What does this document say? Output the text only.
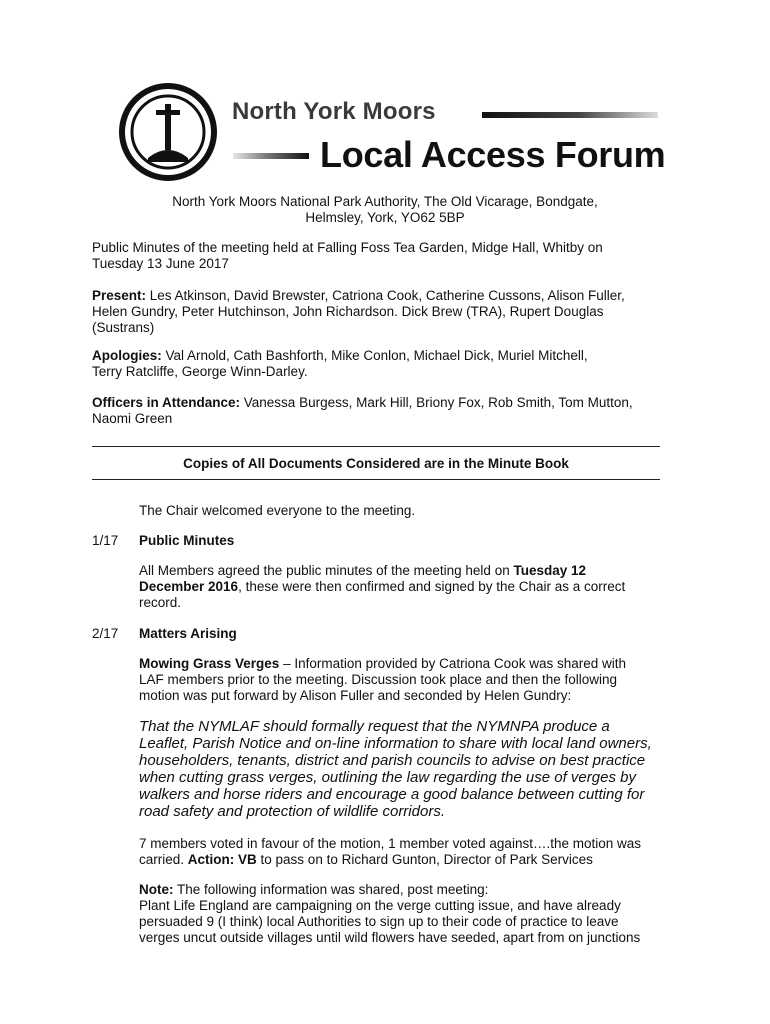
North York Moors
Local Access Forum
North York Moors National Park Authority, The Old Vicarage, Bondgate,
Helmsley, York, YO62 5BP
Public Minutes of the meeting held at Falling Foss Tea Garden, Midge Hall, Whitby on
Tuesday 13 June 2017
Present: Les Atkinson, David Brewster, Catriona Cook, Catherine Cussons, Alison Fuller,
Helen Gundry, Peter Hutchinson, John Richardson. Dick Brew (TRA), Rupert Douglas
(Sustrans)
Apologies: Val Arnold, Cath Bashforth, Mike Conlon, Michael Dick, Muriel Mitchell,
Terry Ratcliffe, George Winn-Darley.
Officers in Attendance: Vanessa Burgess, Mark Hill, Briony Fox, Rob Smith, Tom Mutton,
Naomi Green
Copies of All Documents Considered are in the Minute Book
The Chair welcomed everyone to the meeting.
1/17 Public Minutes
All Members agreed the public minutes of the meeting held on Tuesday 12
December 2016, these were then confirmed and signed by the Chair as a correct
record.
2/17 Matters Arising
Mowing Grass Verges – Information provided by Catriona Cook was shared with
LAF members prior to the meeting. Discussion took place and then the following
motion was put forward by Alison Fuller and seconded by Helen Gundry:
That the NYMLAF should formally request that the NYMNPA produce a
Leaflet, Parish Notice and on-line information to share with local land owners,
householders, tenants, district and parish councils to advise on best practice
when cutting grass verges, outlining the law regarding the use of verges by
walkers and horse riders and encourage a good balance between cutting for
road safety and protection of wildlife corridors.
7 members voted in favour of the motion, 1 member voted against….the motion was
carried. Action: VB to pass on to Richard Gunton, Director of Park Services
Note: The following information was shared, post meeting:
Plant Life England are campaigning on the verge cutting issue, and have already
persuaded 9 (I think) local Authorities to sign up to their code of practice to leave
verges uncut outside villages until wild flowers have seeded, apart from on junctions
